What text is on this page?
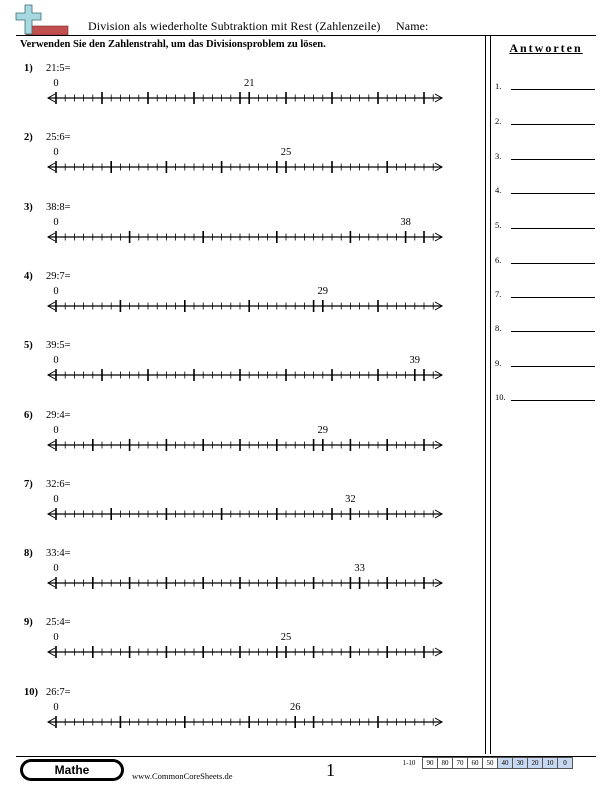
Division als wiederholte Subtraktion mit Rest (Zahlenzeile) Name:
Verwenden Sie den Zahlenstrahl, um das Divisionsproblem zu lösen.	Antworten
1.
2.
3.
4.
5.
6.
7.
8.
9.
10.
1) 21:5=
0	21
2) 25:6=
0	25
3) 38:8=
0	38
4) 29:7=
0	29
5) 39:5=
0	39
6) 29:4=
0	29
7) 32:6=
0	32
8) 33:4=
0	33
9) 25:4=
0	25
10) 26:7=
0	26
Mathe	www.CommonCoreSheets.de	1	1-10	90	80	70	60	50	40	30	20	10	0
